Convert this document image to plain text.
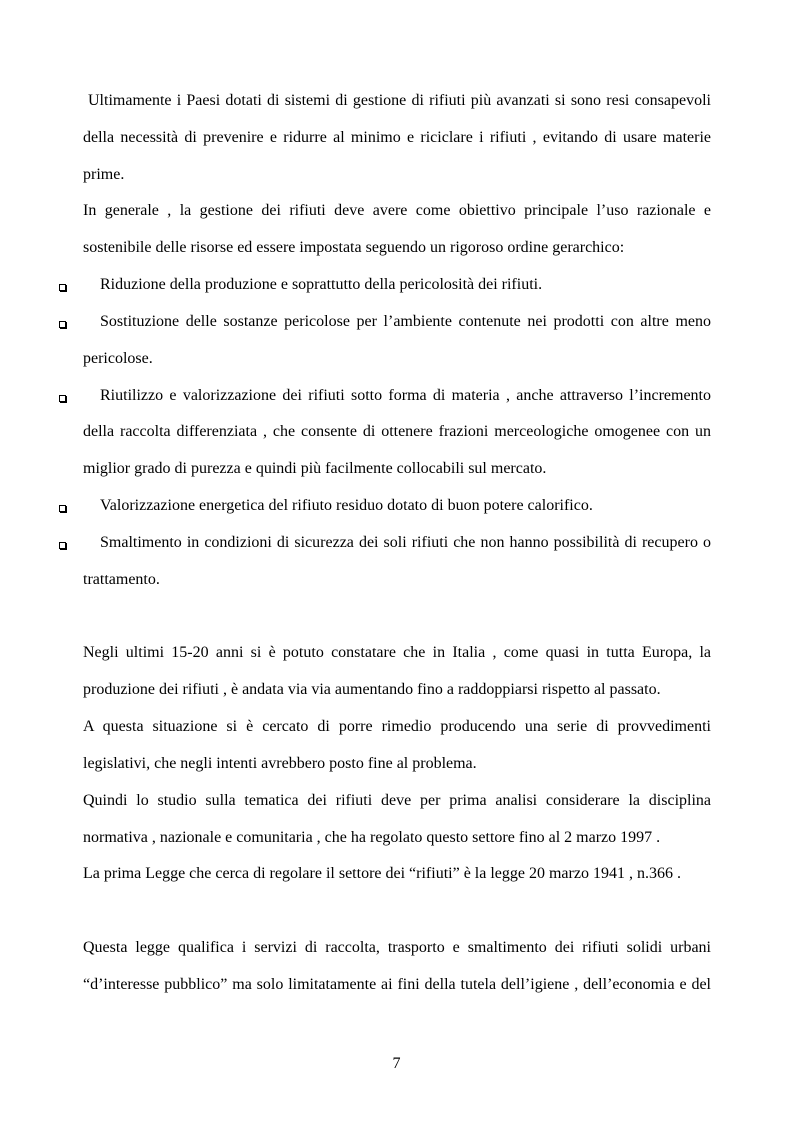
Ultimamente i Paesi dotati di sistemi di gestione di rifiuti più avanzati si sono resi consapevoli
della necessità di prevenire e ridurre al minimo e riciclare i rifiuti , evitando di usare materie
prime.
In generale , la gestione dei rifiuti deve avere come obiettivo principale l’uso razionale e
sostenibile delle risorse ed essere impostata seguendo un rigoroso ordine gerarchico:
Riduzione della produzione e soprattutto della pericolosità dei rifiuti.
Sostituzione delle sostanze pericolose per l’ambiente contenute nei prodotti con altre meno
pericolose.
Riutilizzo e valorizzazione dei rifiuti sotto forma di materia , anche attraverso l’incremento
della raccolta differenziata , che consente di ottenere frazioni merceologiche omogenee con un
miglior grado di purezza e quindi più facilmente collocabili sul mercato.
Valorizzazione energetica del rifiuto residuo dotato di buon potere calorifico.
Smaltimento in condizioni di sicurezza dei soli rifiuti che non hanno possibilità di recupero o
trattamento.
Negli ultimi 15-20 anni si è potuto constatare che in Italia , come quasi in tutta Europa, la
produzione dei rifiuti , è andata via via aumentando fino a raddoppiarsi rispetto al passato.
A questa situazione si è cercato di porre rimedio producendo una serie di provvedimenti
legislativi, che negli intenti avrebbero posto fine al problema.
Quindi lo studio sulla tematica dei rifiuti deve per prima analisi considerare la disciplina
normativa , nazionale e comunitaria , che ha regolato questo settore fino al 2 marzo 1997 .
La prima Legge che cerca di regolare il settore dei “rifiuti” è la legge 20 marzo 1941 , n.366 .
Questa legge qualifica i servizi di raccolta, trasporto e smaltimento dei rifiuti solidi urbani
“d’interesse pubblico” ma solo limitatamente ai fini della tutela dell’igiene , dell’economia e del
7
